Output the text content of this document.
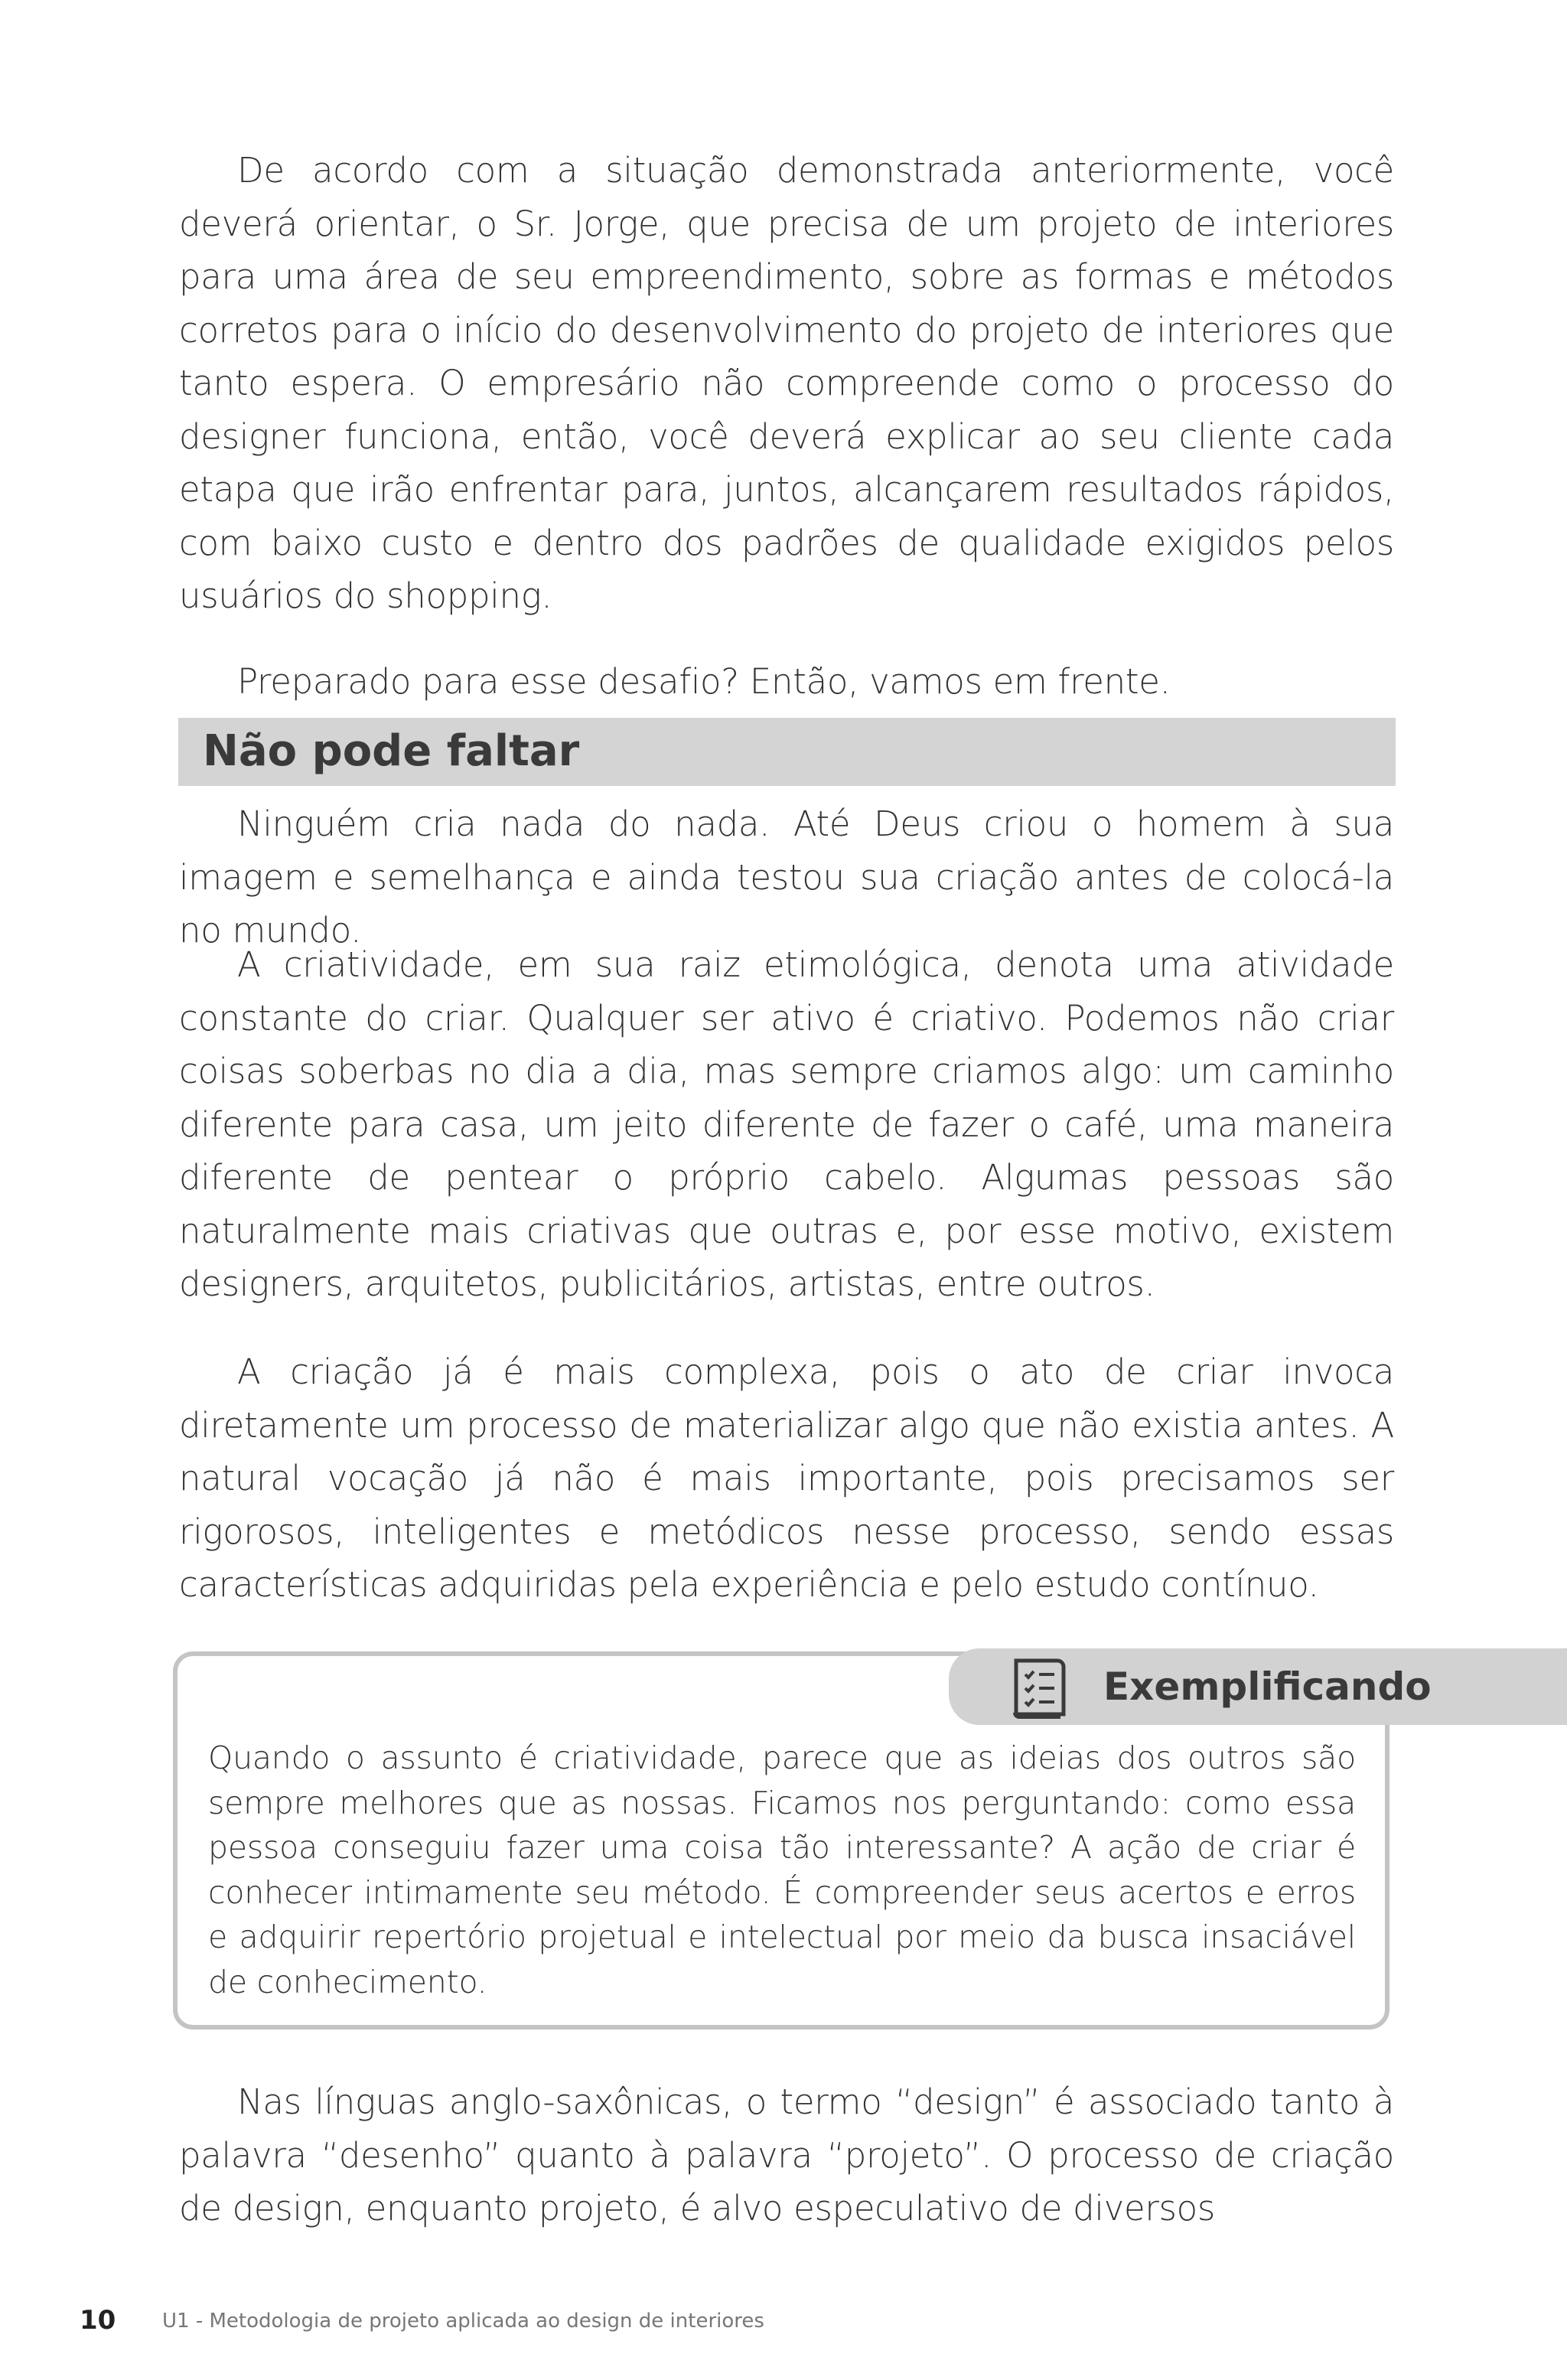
De acordo com a situação demonstrada anteriormente, você deverá orientar, o Sr. Jorge, que precisa de um projeto de interiores para uma área de seu empreendimento, sobre as formas e métodos corretos para o início do desenvolvimento do projeto de interiores que tanto espera. O empresário não compreende como o processo do designer funciona, então, você deverá explicar ao seu cliente cada etapa que irão enfrentar para, juntos, alcançarem resultados rápidos, com baixo custo e dentro dos padrões de qualidade exigidos pelos usuários do shopping.

Preparado para esse desafio? Então, vamos em frente.

Não pode faltar

Ninguém cria nada do nada. Até Deus criou o homem à sua imagem e semelhança e ainda testou sua criação antes de colocá-la no mundo.

A criatividade, em sua raiz etimológica, denota uma atividade constante do criar. Qualquer ser ativo é criativo. Podemos não criar coisas soberbas no dia a dia, mas sempre criamos algo: um caminho diferente para casa, um jeito diferente de fazer o café, uma maneira diferente de pentear o próprio cabelo. Algumas pessoas são naturalmente mais criativas que outras e, por esse motivo, existem designers, arquitetos, publicitários, artistas, entre outros.

A criação já é mais complexa, pois o ato de criar invoca diretamente um processo de materializar algo que não existia antes. A natural vocação já não é mais importante, pois precisamos ser rigorosos, inteligentes e metódicos nesse processo, sendo essas características adquiridas pela experiência e pelo estudo contínuo.

Exemplificando

Quando o assunto é criatividade, parece que as ideias dos outros são sempre melhores que as nossas. Ficamos nos perguntando: como essa pessoa conseguiu fazer uma coisa tão interessante? A ação de criar é conhecer intimamente seu método. É compreender seus acertos e erros e adquirir repertório projetual e intelectual por meio da busca insaciável de conhecimento.

Nas línguas anglo-saxônicas, o termo “design” é associado tanto à palavra “desenho” quanto à palavra “projeto”. O processo de criação de design, enquanto projeto, é alvo especulativo de diversos

10 U1 - Metodologia de projeto aplicada ao design de interiores
